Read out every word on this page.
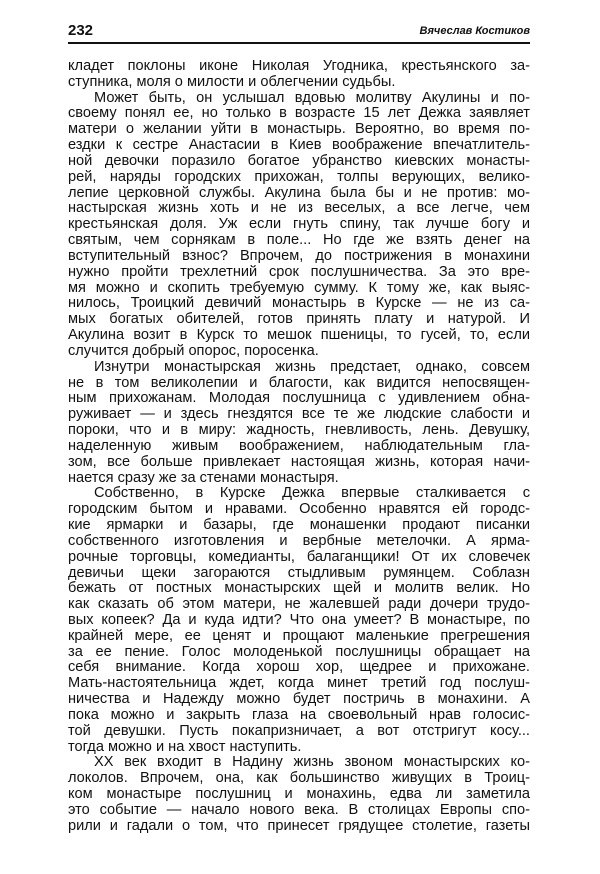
232	Вячеслав Костиков
кладет поклоны иконе Николая Угодника, крестьянского за-
ступника, моля о милости и облегчении судьбы.
Может быть, он услышал вдовью молитву Акулины и по-
своему понял ее, но только в возрасте 15 лет Дежка заявляет
матери о желании уйти в монастырь. Вероятно, во время по-
ездки к сестре Анастасии в Киев воображение впечатлитель-
ной девочки поразило богатое убранство киевских монасты-
рей, наряды городских прихожан, толпы верующих, велико-
лепие церковной службы. Акулина была бы и не против: мо-
настырская жизнь хоть и не из веселых, а все легче, чем
крестьянская доля. Уж если гнуть спину, так лучше богу и
святым, чем сорнякам в поле... Но где же взять денег на
вступительный взнос? Впрочем, до пострижения в монахини
нужно пройти трехлетний срок послушничества. За это вре-
мя можно и скопить требуемую сумму. К тому же, как выяс-
нилось, Троицкий девичий монастырь в Курске — не из са-
мых богатых обителей, готов принять плату и натурой. И
Акулина возит в Курск то мешок пшеницы, то гусей, то, если
случится добрый опорос, поросенка.
Изнутри монастырская жизнь предстает, однако, совсем
не в том великолепии и благости, как видится непосвящен-
ным прихожанам. Молодая послушница с удивлением обна-
руживает — и здесь гнездятся все те же людские слабости и
пороки, что и в миру: жадность, гневливость, лень. Девушку,
наделенную живым воображением, наблюдательным гла-
зом, все больше привлекает настоящая жизнь, которая начи-
нается сразу же за стенами монастыря.
Собственно, в Курске Дежка впервые сталкивается с
городским бытом и нравами. Особенно нравятся ей городс-
кие ярмарки и базары, где монашенки продают писанки
собственного изготовления и вербные метелочки. А ярма-
рочные торговцы, комедианты, балаганщики! От их словечек
девичьи щеки загораются стыдливым румянцем. Соблазн
бежать от постных монастырских щей и молитв велик. Но
как сказать об этом матери, не жалевшей ради дочери трудо-
вых копеек? Да и куда идти? Что она умеет? В монастыре, по
крайней мере, ее ценят и прощают маленькие прегрешения
за ее пение. Голос молоденькой послушницы обращает на
себя внимание. Когда хорош хор, щедрее и прихожане.
Мать-настоятельница ждет, когда минет третий год послуш-
ничества и Надежду можно будет постричь в монахини. А
пока можно и закрыть глаза на своевольный нрав голосис-
той девушки. Пусть покапризничает, а вот отстригут косу...
тогда можно и на хвост наступить.
XX век входит в Надину жизнь звоном монастырских ко-
локолов. Впрочем, она, как большинство живущих в Троиц-
ком монастыре послушниц и монахинь, едва ли заметила
это событие — начало нового века. В столицах Европы спо-
рили и гадали о том, что принесет грядущее столетие, газеты
